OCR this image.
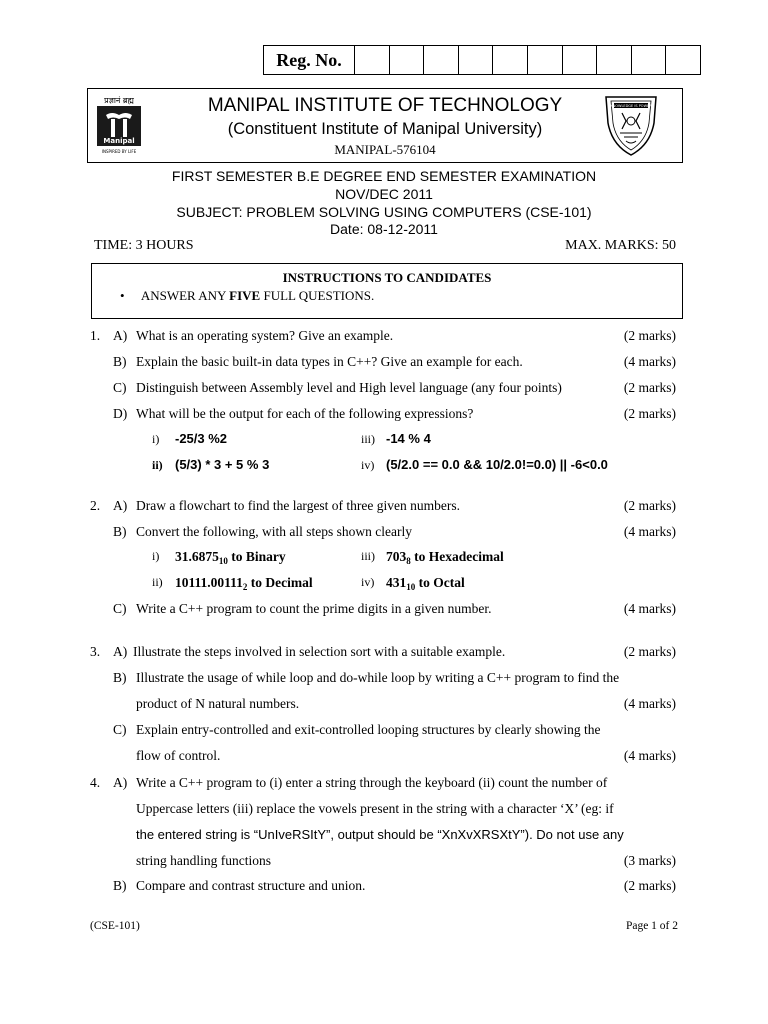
Reg. No.
प्रज्ञानं ब्रह्म
Manipal
INSPIRED BY LIFE
MANIPAL INSTITUTE OF TECHNOLOGY
(Constituent Institute of Manipal University)
MANIPAL-576104
KNOWLEDGE IS POWER
FIRST SEMESTER B.E DEGREE END SEMESTER EXAMINATION
NOV/DEC 2011
SUBJECT: PROBLEM SOLVING USING COMPUTERS (CSE-101)
Date: 08-12-2011
TIME: 3 HOURS	MAX. MARKS: 50
INSTRUCTIONS TO CANDIDATES
• ANSWER ANY FIVE FULL QUESTIONS.
1. A) What is an operating system? Give an example.	(2 marks)
B) Explain the basic built-in data types in C++? Give an example for each.	(4 marks)
C) Distinguish between Assembly level and High level language (any four points)	(2 marks)
D) What will be the output for each of the following expressions?	(2 marks)
i) -25/3 %2	iii) -14 % 4
ii) (5/3) * 3 + 5 % 3	iv) (5/2.0 == 0.0 && 10/2.0!=0.0) || -6<0.0
2. A) Draw a flowchart to find the largest of three given numbers.	(2 marks)
B) Convert the following, with all steps shown clearly	(4 marks)
i) $31.6875_{10}$ to Binary	iii) $703_8$ to Hexadecimal
ii) $10111.00111_2$ to Decimal	iv) $431_{10}$ to Octal
C) Write a C++ program to count the prime digits in a given number.	(4 marks)
3. A) Illustrate the steps involved in selection sort with a suitable example.	(2 marks)
B) Illustrate the usage of while loop and do-while loop by writing a C++ program to find the
product of N natural numbers.	(4 marks)
C) Explain entry-controlled and exit-controlled looping structures by clearly showing the
flow of control.	(4 marks)
4. A) Write a C++ program to (i) enter a string through the keyboard (ii) count the number of
Uppercase letters (iii) replace the vowels present in the string with a character ‘X’ (eg: if
the entered string is “UnIveRSItY”, output should be “XnXvXRSXtY”). Do not use any
string handling functions	(3 marks)
B) Compare and contrast structure and union.	(2 marks)
(CSE-101)	Page 1 of 2
